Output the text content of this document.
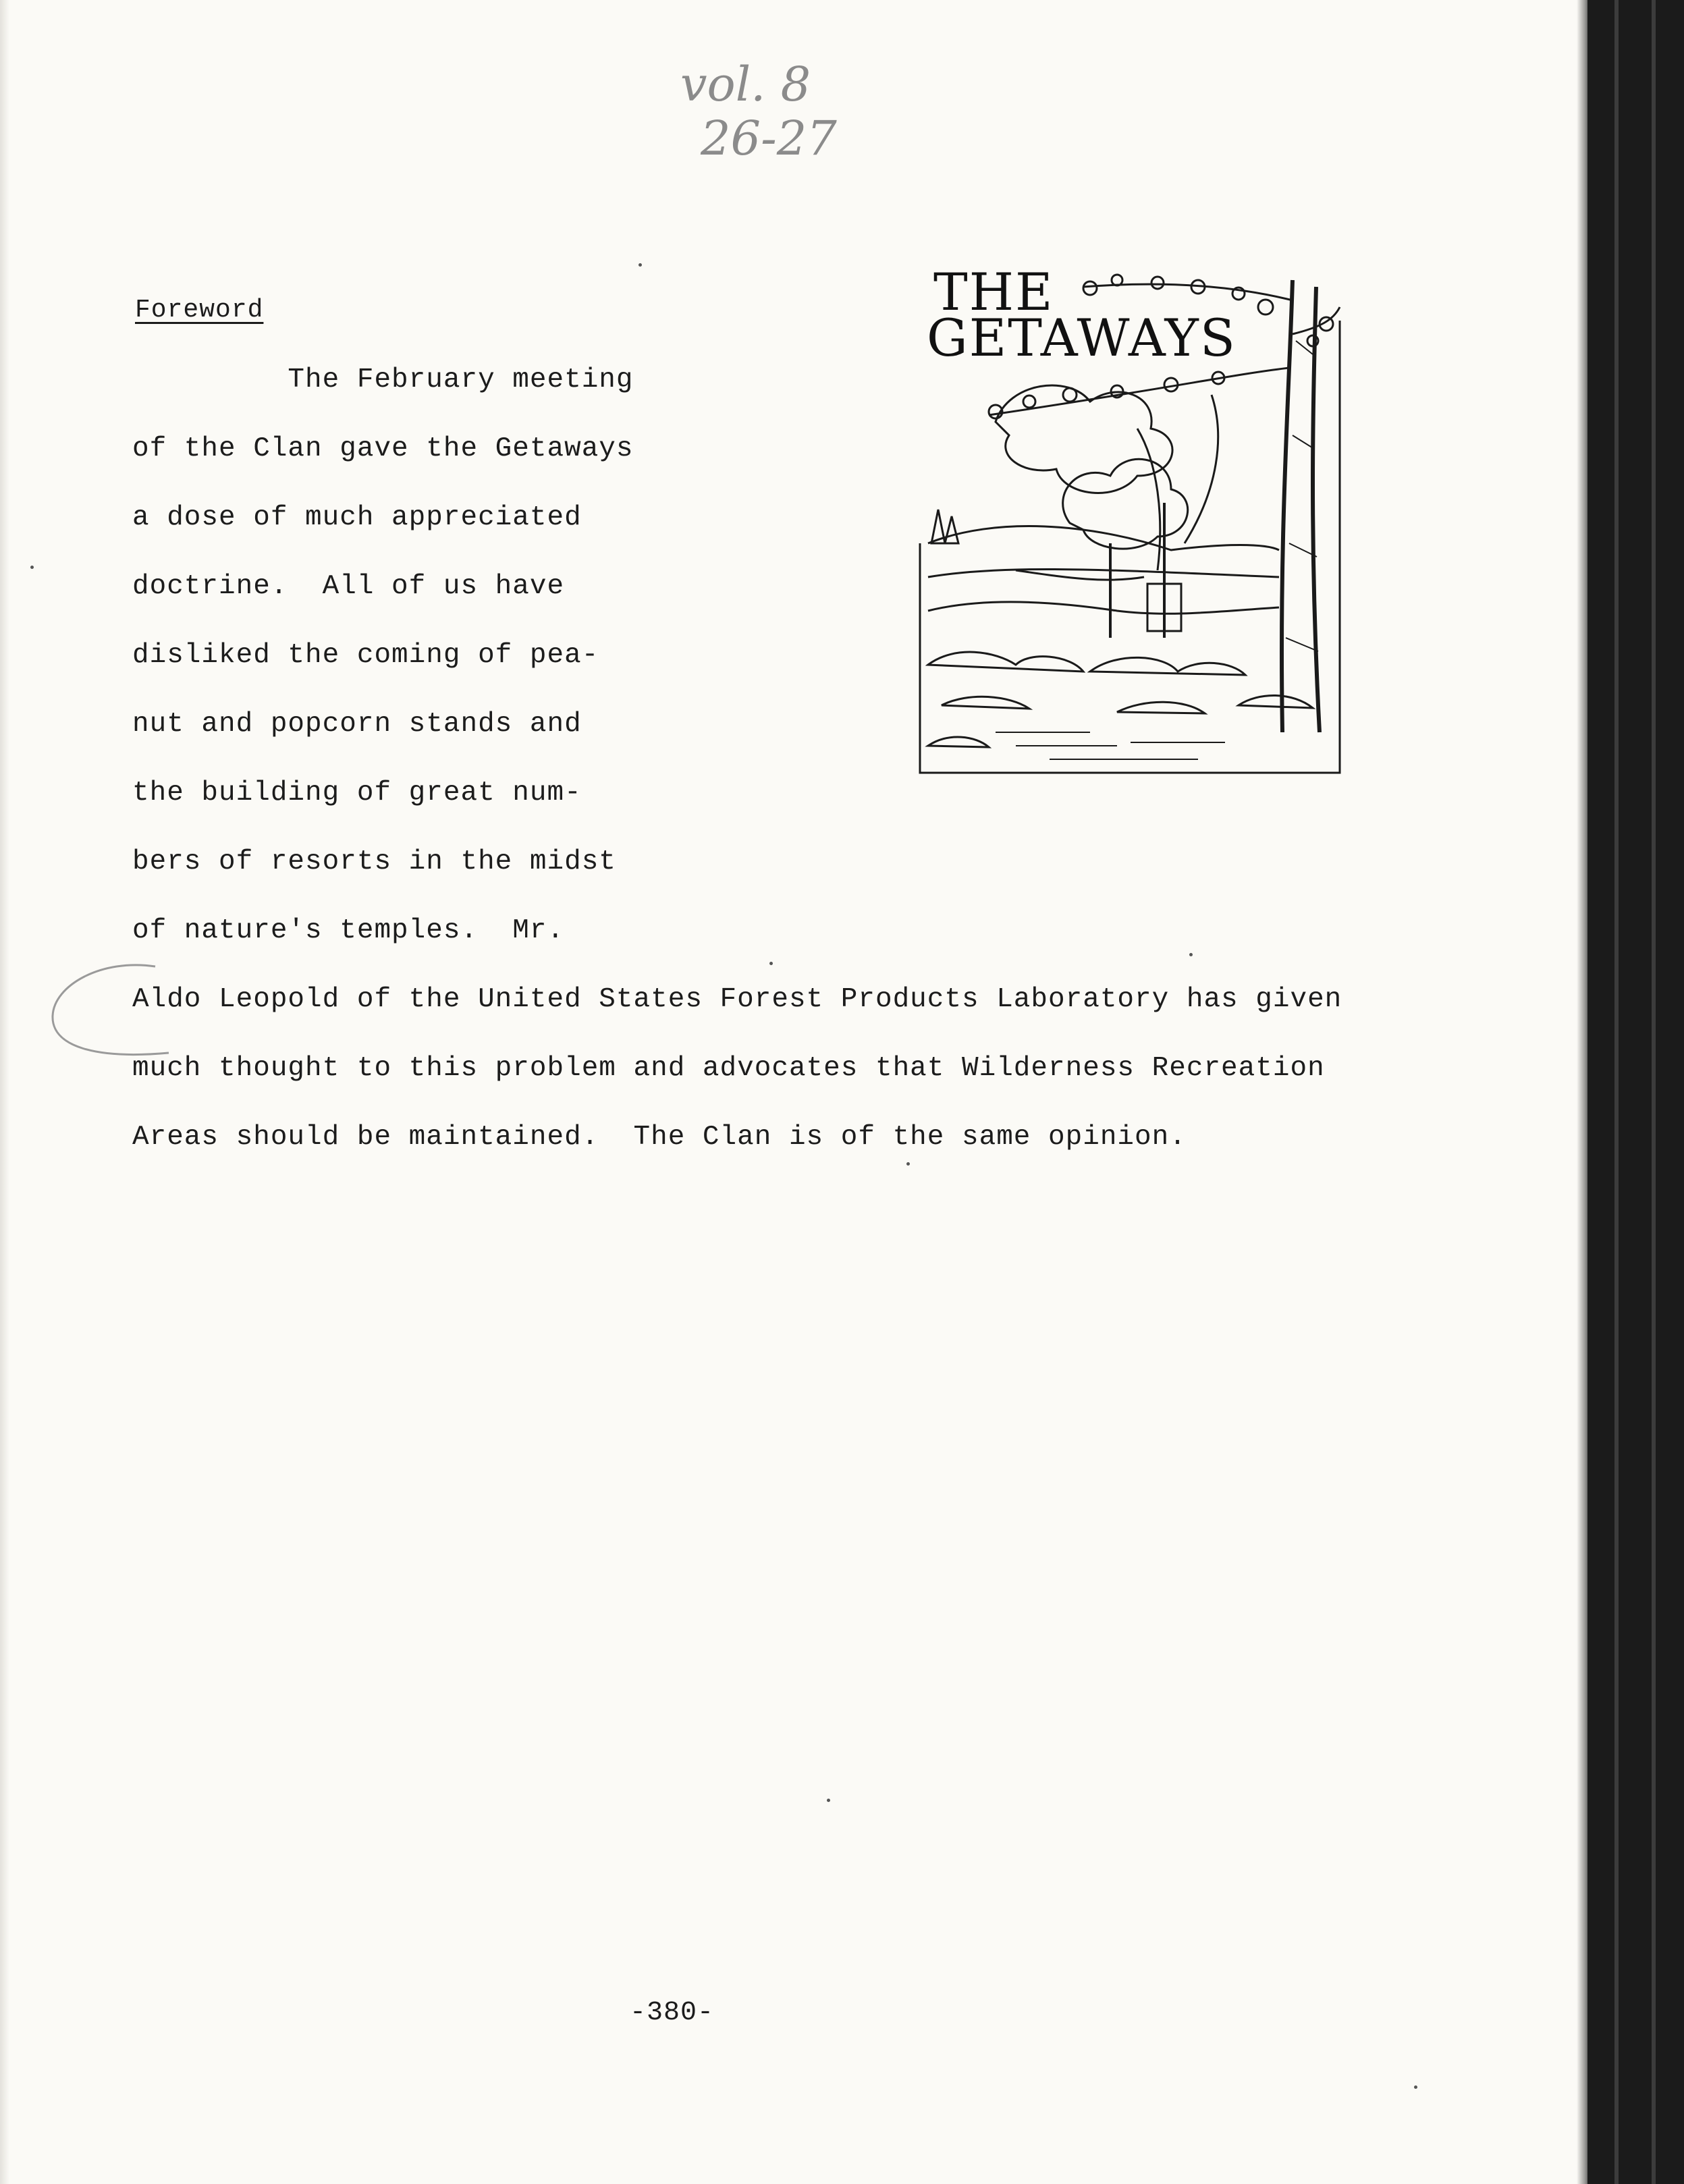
vol. 8
26-27
Foreword
The February meeting
of the Clan gave the Getaways
a dose of much appreciated
doctrine.  All of us have
disliked the coming of pea-
nut and popcorn stands and
the building of great num-
bers of resorts in the midst
of nature's temples.  Mr.
Aldo Leopold of the United States Forest Products Laboratory has given
much thought to this problem and advocates that Wilderness Recreation
Areas should be maintained.  The Clan is of the same opinion.
THE
GETAWAYS
-380-
